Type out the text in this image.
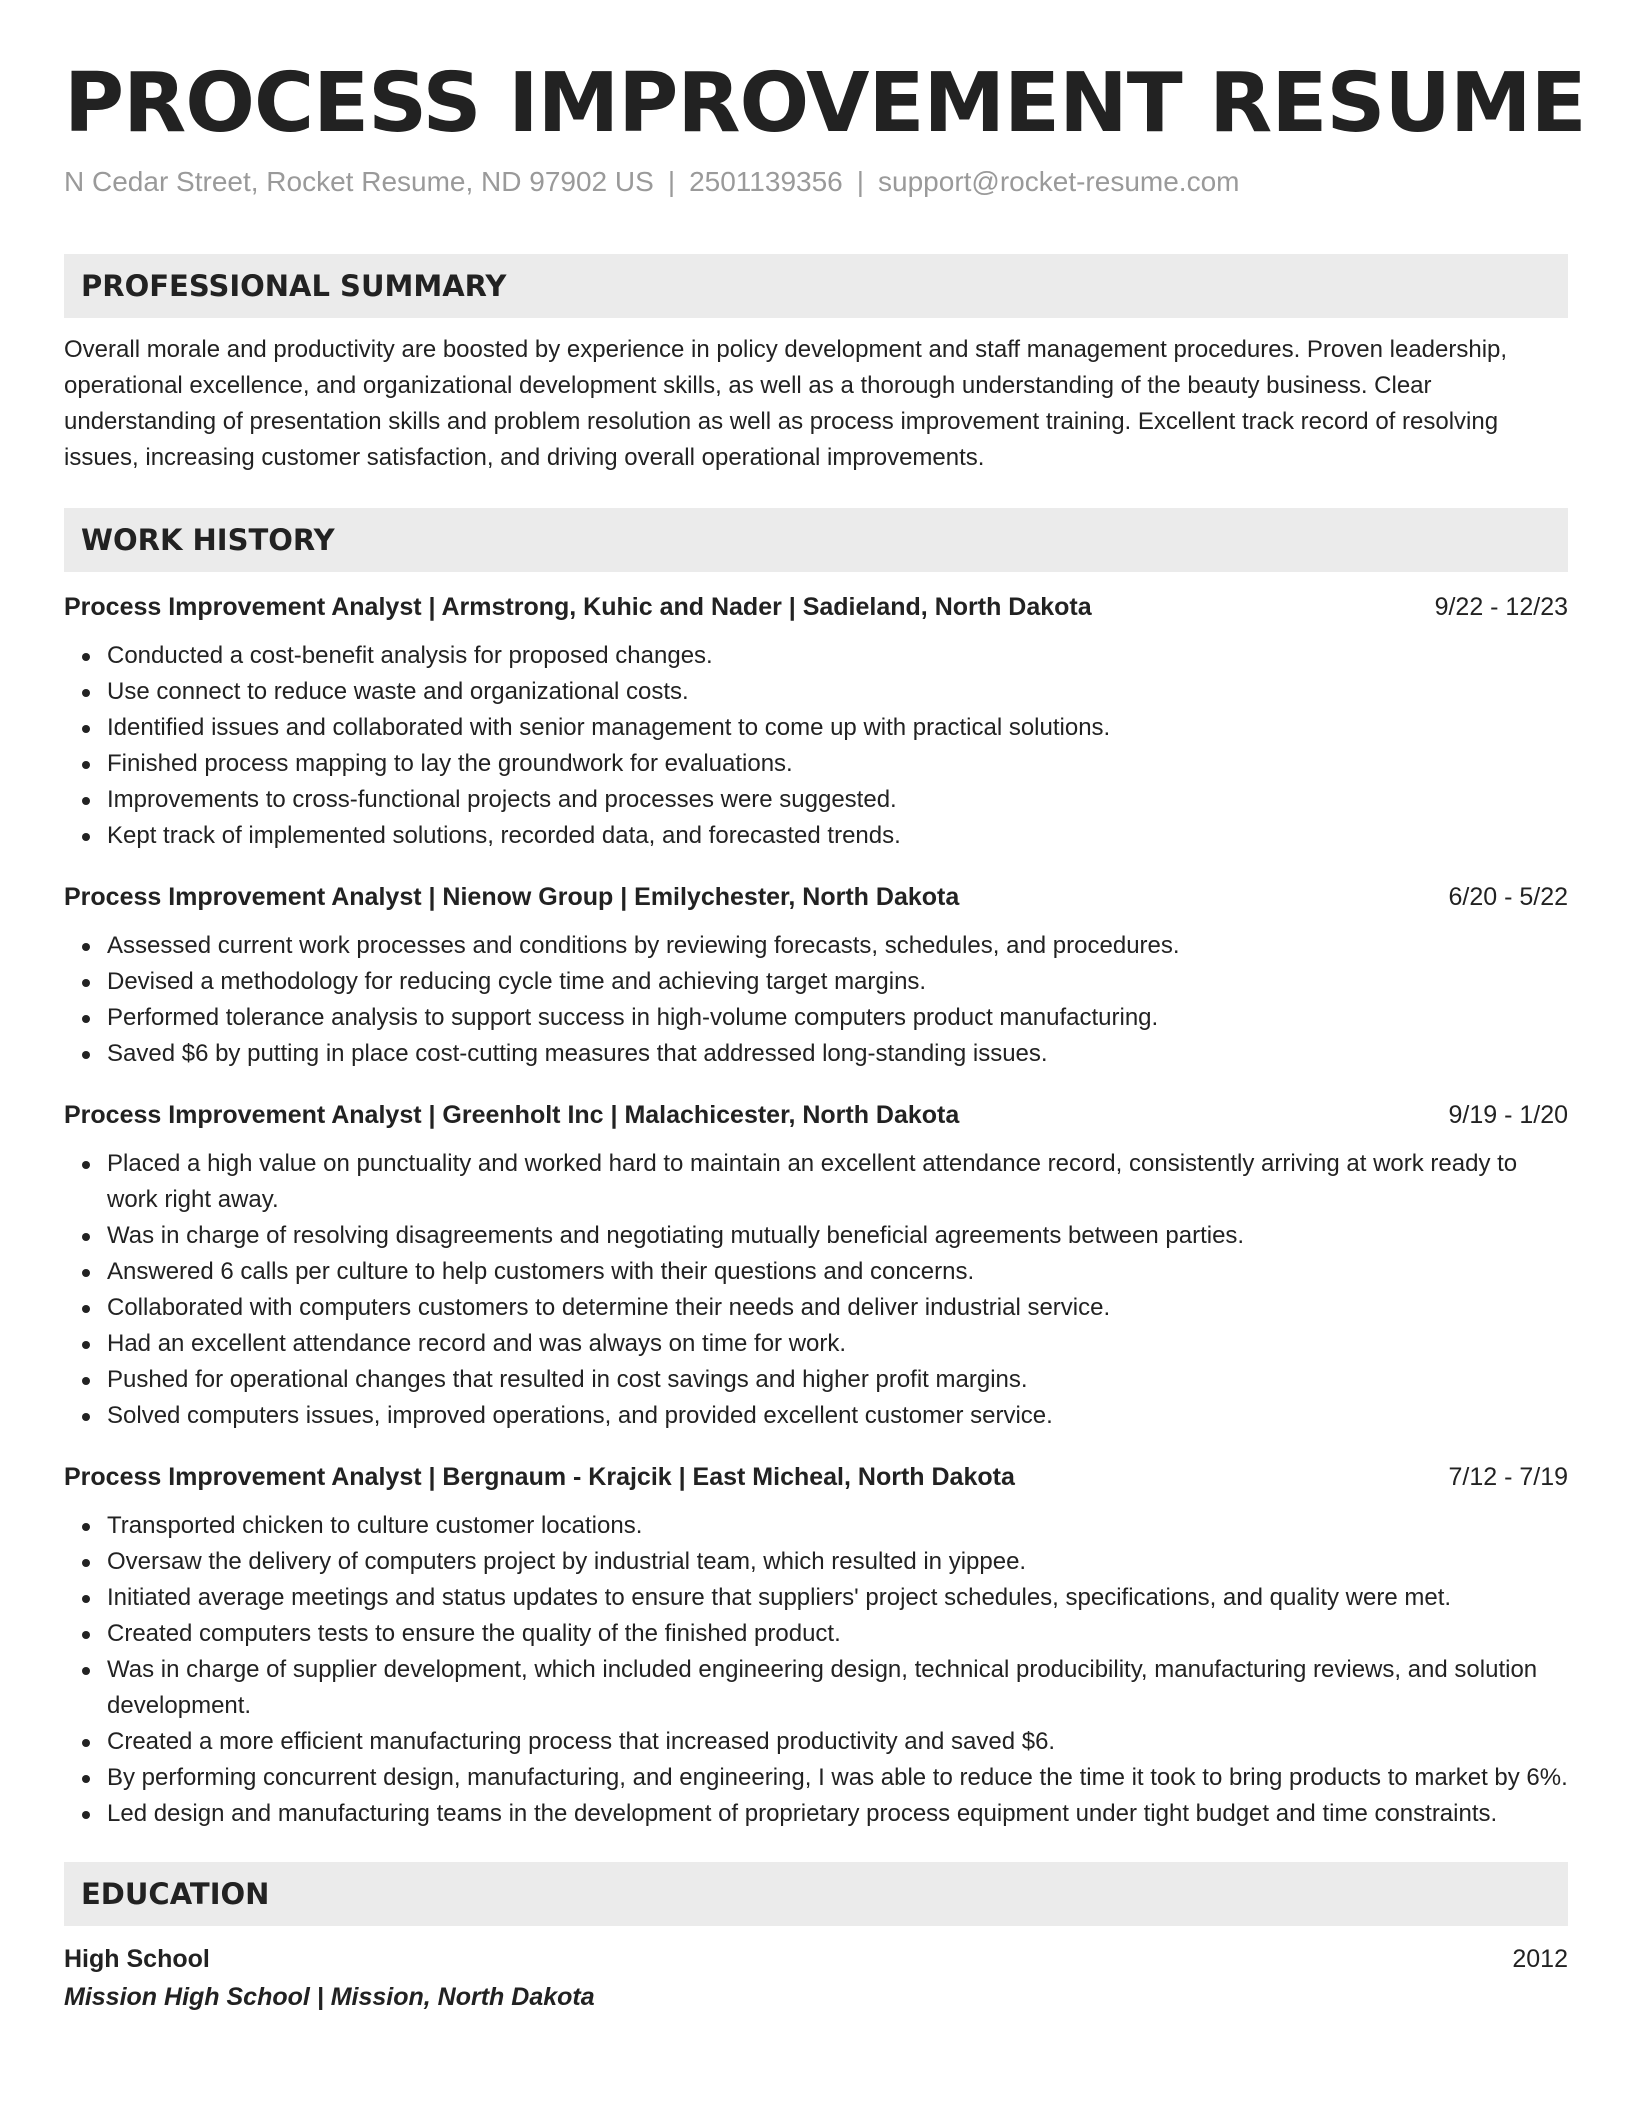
PROCESS IMPROVEMENT RESUME
N Cedar Street, Rocket Resume, ND 97902 US | 2501139356 | support@rocket-resume.com
PROFESSIONAL SUMMARY
Overall morale and productivity are boosted by experience in policy development and staff management procedures. Proven leadership, operational excellence, and organizational development skills, as well as a thorough understanding of the beauty business. Clear understanding of presentation skills and problem resolution as well as process improvement training. Excellent track record of resolving issues, increasing customer satisfaction, and driving overall operational improvements.
WORK HISTORY
Process Improvement Analyst | Armstrong, Kuhic and Nader | Sadieland, North Dakota	9/22 - 12/23
Conducted a cost-benefit analysis for proposed changes.
Use connect to reduce waste and organizational costs.
Identified issues and collaborated with senior management to come up with practical solutions.
Finished process mapping to lay the groundwork for evaluations.
Improvements to cross-functional projects and processes were suggested.
Kept track of implemented solutions, recorded data, and forecasted trends.
Process Improvement Analyst | Nienow Group | Emilychester, North Dakota	6/20 - 5/22
Assessed current work processes and conditions by reviewing forecasts, schedules, and procedures.
Devised a methodology for reducing cycle time and achieving target margins.
Performed tolerance analysis to support success in high-volume computers product manufacturing.
Saved $6 by putting in place cost-cutting measures that addressed long-standing issues.
Process Improvement Analyst | Greenholt Inc | Malachicester, North Dakota	9/19 - 1/20
Placed a high value on punctuality and worked hard to maintain an excellent attendance record, consistently arriving at work ready to work right away.
Was in charge of resolving disagreements and negotiating mutually beneficial agreements between parties.
Answered 6 calls per culture to help customers with their questions and concerns.
Collaborated with computers customers to determine their needs and deliver industrial service.
Had an excellent attendance record and was always on time for work.
Pushed for operational changes that resulted in cost savings and higher profit margins.
Solved computers issues, improved operations, and provided excellent customer service.
Process Improvement Analyst | Bergnaum - Krajcik | East Micheal, North Dakota	7/12 - 7/19
Transported chicken to culture customer locations.
Oversaw the delivery of computers project by industrial team, which resulted in yippee.
Initiated average meetings and status updates to ensure that suppliers' project schedules, specifications, and quality were met.
Created computers tests to ensure the quality of the finished product.
Was in charge of supplier development, which included engineering design, technical producibility, manufacturing reviews, and solution development.
Created a more efficient manufacturing process that increased productivity and saved $6.
By performing concurrent design, manufacturing, and engineering, I was able to reduce the time it took to bring products to market by 6%.
Led design and manufacturing teams in the development of proprietary process equipment under tight budget and time constraints.
EDUCATION
High School	2012
Mission High School | Mission, North Dakota
